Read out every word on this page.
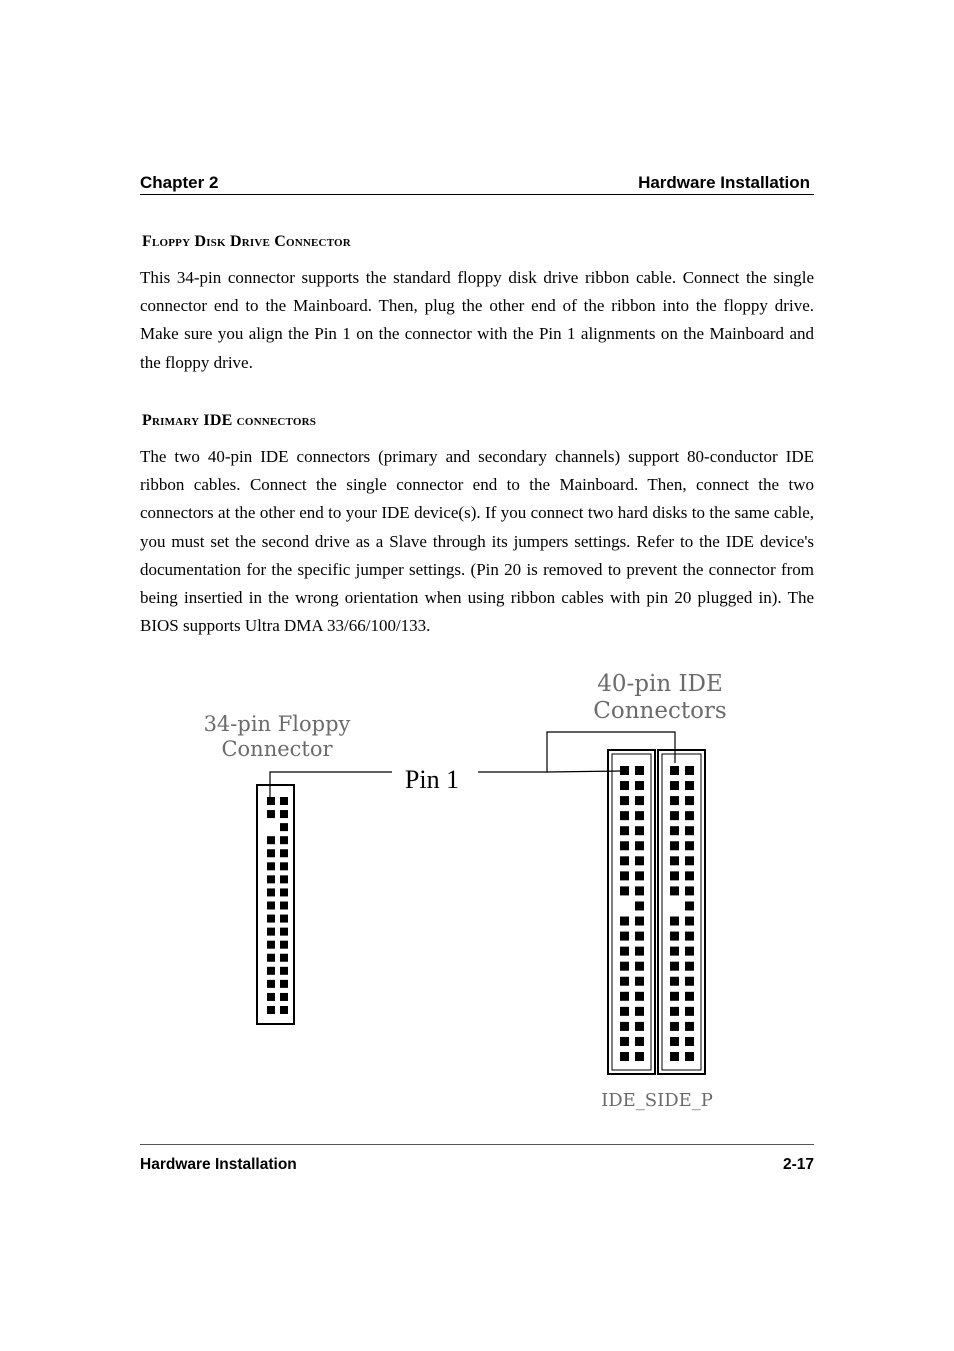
Chapter 2	Hardware Installation
Floppy Disk Drive Connector
This 34-pin connector supports the standard floppy disk drive ribbon cable. Connect the single connector end to the Mainboard. Then, plug the other end of the ribbon into the floppy drive. Make sure you align the Pin 1 on the connector with the Pin 1 alignments on the Mainboard and the floppy drive.
Primary IDE connectors
The two 40-pin IDE connectors (primary and secondary channels) support 80-conductor IDE ribbon cables. Connect the single connector end to the Mainboard. Then, connect the two connectors at the other end to your IDE device(s). If you connect two hard disks to the same cable, you must set the second drive as a Slave through its jumpers settings. Refer to the IDE device's documentation for the specific jumper settings. (Pin 20 is removed to prevent the connector from being insertied in the wrong orientation when using ribbon cables with pin 20 plugged in). The BIOS supports Ultra DMA 33/66/100/133.
34-pin Floppy
Connector
40-pin IDE
Connectors
Pin 1
IDE_SIDE_P
Hardware Installation	2-17
